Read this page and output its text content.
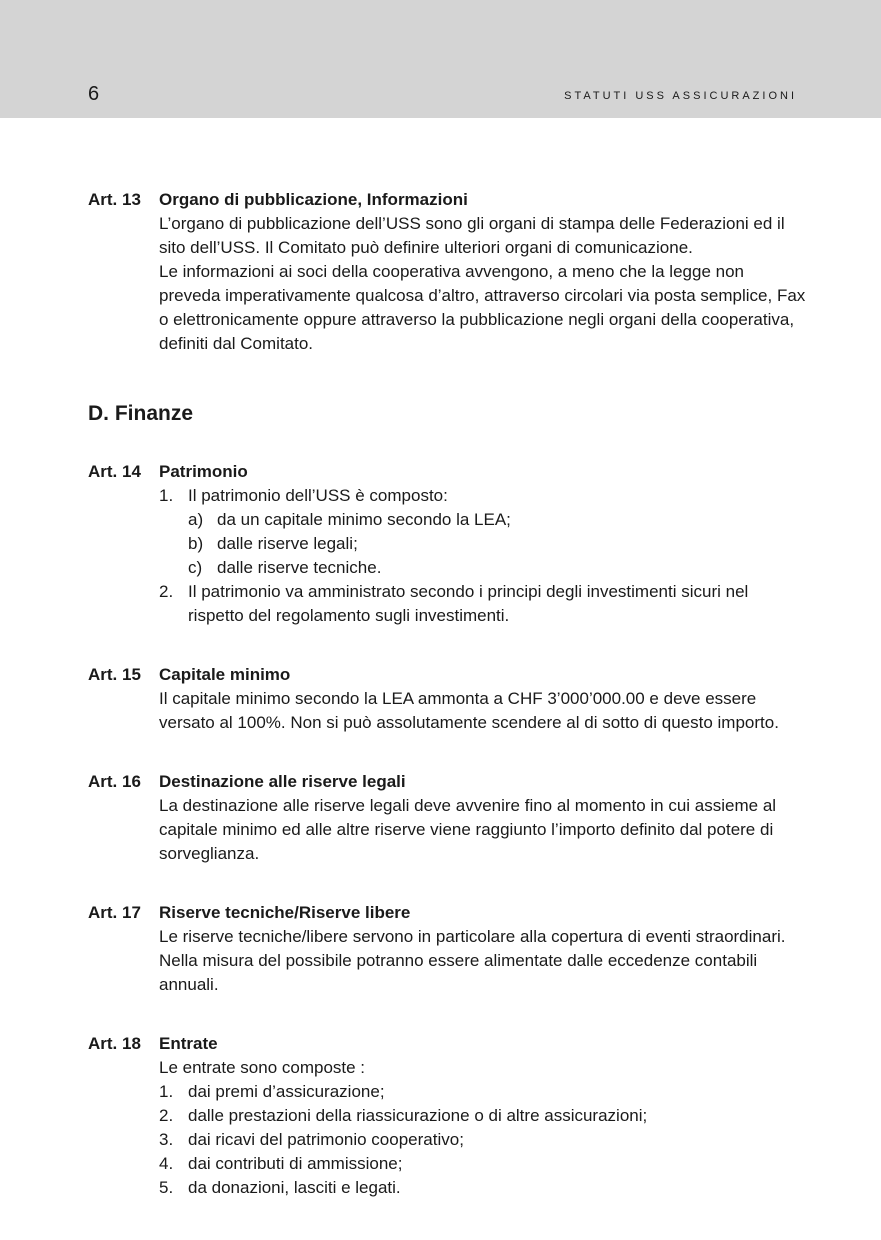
6	STATUTI USS ASSICURAZIONI
Art. 13	Organo di pubblicazione, Informazioni

L’organo di pubblicazione dell’USS sono gli organi di stampa delle Federazioni ed il sito dell’USS. Il Comitato può definire ulteriori organi di comunicazione.

Le informazioni ai soci della cooperativa avvengono, a meno che la legge non preveda imperativamente qualcosa d’altro, attraverso circolari via posta semplice, Fax o elettronicamente oppure attraverso la pubblicazione negli organi della cooperativa, definiti dal Comitato.

D. Finanze
Art. 14	Patrimonio
1. Il patrimonio dell’USS è composto:
a) da un capitale minimo secondo la LEA;
b) dalle riserve legali;
c) dalle riserve tecniche.
2. Il patrimonio va amministrato secondo i principi degli investimenti sicuri nel rispetto del regolamento sugli investimenti.
Art. 15	Capitale minimo

Il capitale minimo secondo la LEA ammonta a CHF 3’000’000.00 e deve essere versato al 100%. Non si può assolutamente scendere al di sotto di questo importo.

Art. 16	Destinazione alle riserve legali

La destinazione alle riserve legali deve avvenire fino al momento in cui assieme al capitale minimo ed alle altre riserve viene raggiunto l’importo definito dal potere di sorveglianza.

Art. 17	Riserve tecniche/Riserve libere

Le riserve tecniche/libere servono in particolare alla copertura di eventi straordinari. Nella misura del possibile potranno essere alimentate dalle eccedenze contabili annuali.

Art. 18	Entrate

Le entrate sono composte :

1. dai premi d’assicurazione;
2. dalle prestazioni della riassicurazione o di altre assicurazioni;
3. dai ricavi del patrimonio cooperativo;
4. dai contributi di ammissione;
5. da donazioni, lasciti e legati.
